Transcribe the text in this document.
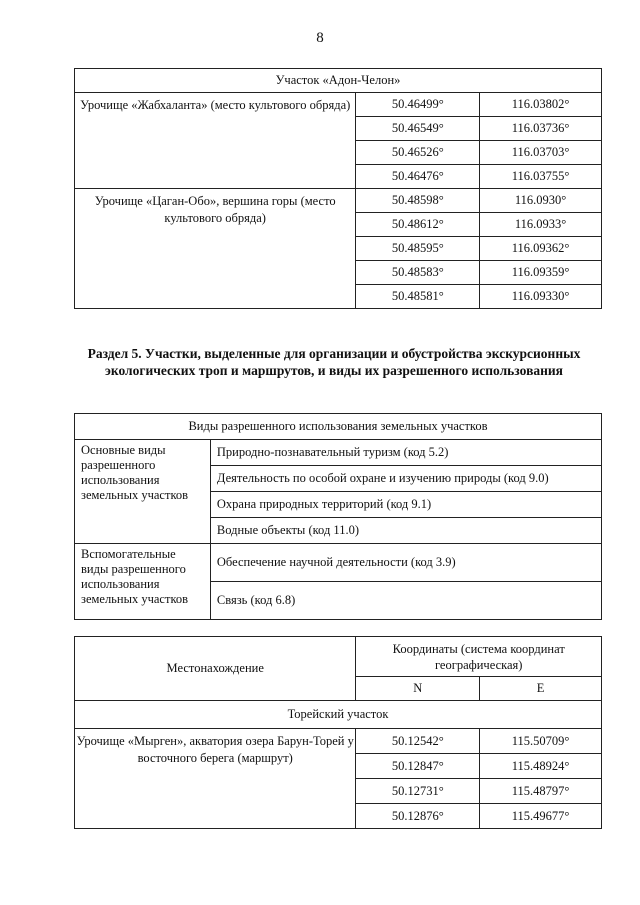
8
Участок «Адон-Челон»		
Урочище «Жабхаланта» (место культового обряда)	50.46499°	116.03802°
	50.46549°	116.03736°
	50.46526°	116.03703°
	50.46476°	116.03755°
Урочище «Цаган-Обо», вершина горы (место культового обряда)	50.48598°	116.0930°
	50.48612°	116.0933°
	50.48595°	116.09362°
	50.48583°	116.09359°
	50.48581°	116.09330°
Раздел 5. Участки, выделенные для организации и обустройства экскурсионных экологических троп и маршрутов, и виды их разрешенного использования
Виды разрешенного использования земельных участков	
Основные виды разрешенного использования земельных участков	Природно-познавательный туризм (код 5.2)
	Деятельность по особой охране и изучению природы (код 9.0)
	Охрана природных территорий (код 9.1)
	Водные объекты (код 11.0)
Вспомогательные виды разрешенного использования земельных участков	Обеспечение научной деятельности (код 3.9)
	Связь (код 6.8)
Местонахождение	Координаты (система координат географическая)	
	N	E
Торейский участок		
Урочище «Мырген», акватория озера Барун-Торей у восточного берега (маршрут)	50.12542°	115.50709°
	50.12847°	115.48924°
	50.12731°	115.48797°
	50.12876°	115.49677°
